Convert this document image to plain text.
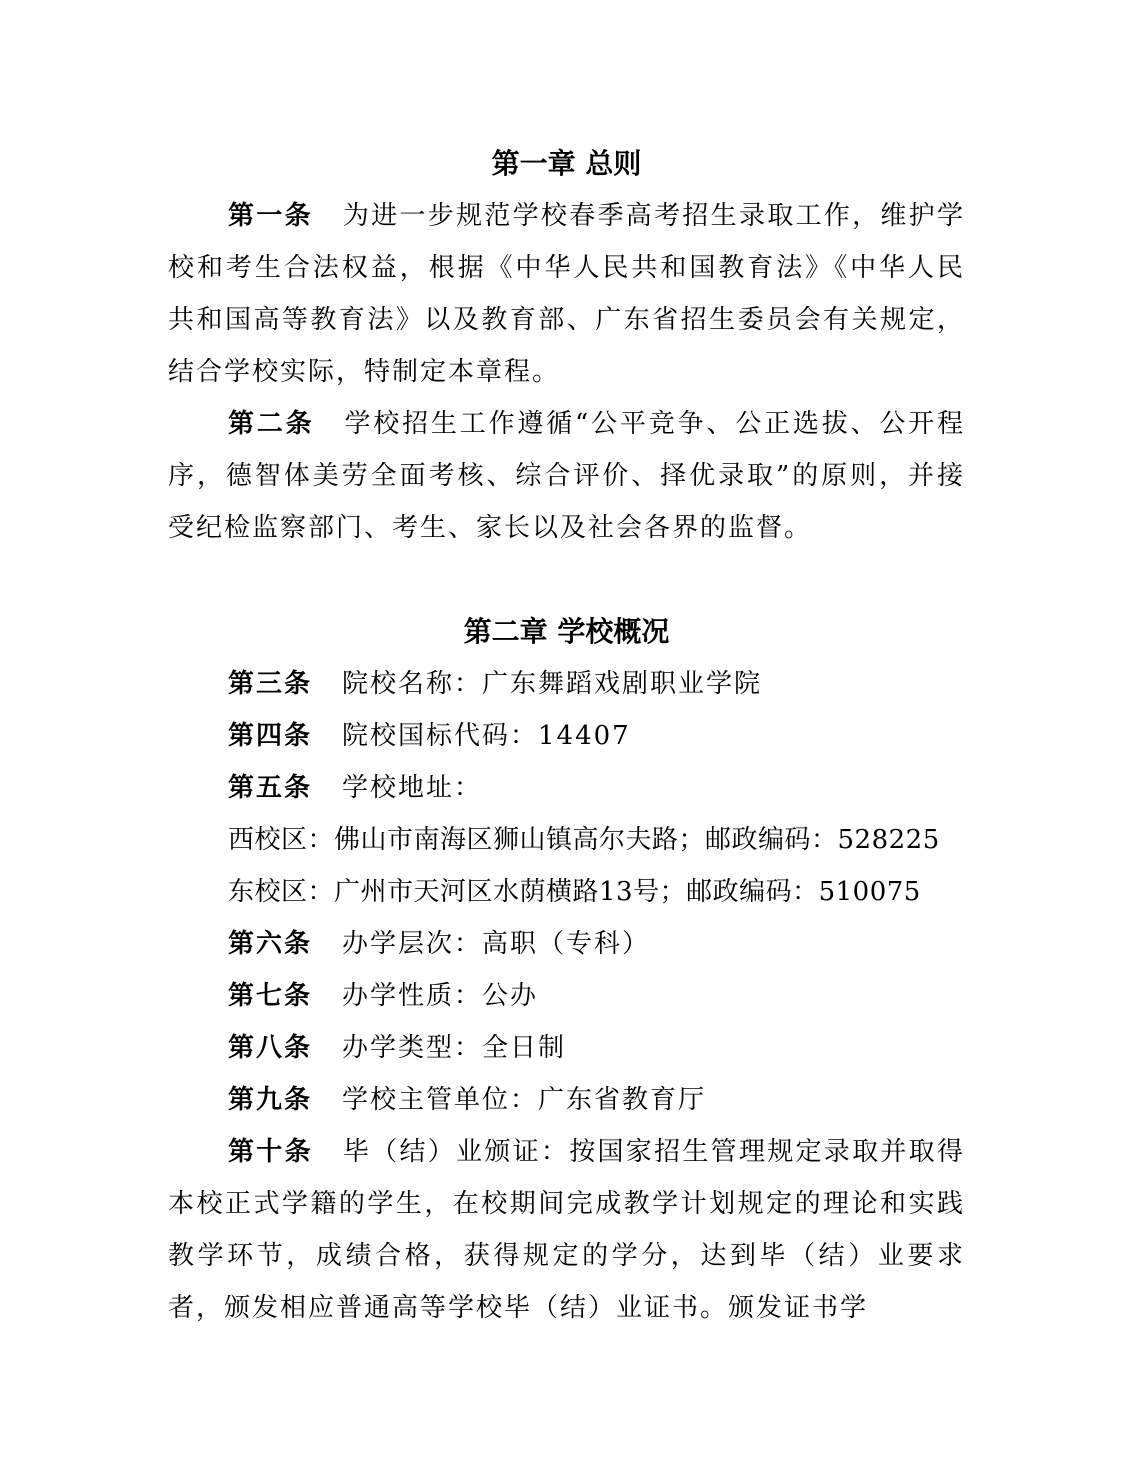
第一章 总则

第一条 为进一步规范学校春季高考招生录取工作，维护学校和考生合法权益，根据《中华人民共和国教育法》《中华人民共和国高等教育法》以及教育部、广东省招生委员会有关规定，结合学校实际，特制定本章程。

第二条 学校招生工作遵循“公平竞争、公正选拔、公开程序，德智体美劳全面考核、综合评价、择优录取”的原则，并接受纪检监察部门、考生、家长以及社会各界的监督。

第二章 学校概况

第三条 院校名称：广东舞蹈戏剧职业学院

第四条 院校国标代码：14407

第五条 学校地址：

西校区：佛山市南海区狮山镇高尔夫路；邮政编码：528225

东校区：广州市天河区水荫横路13号；邮政编码：510075

第六条 办学层次：高职（专科）

第七条 办学性质：公办

第八条 办学类型：全日制

第九条 学校主管单位：广东省教育厅

第十条 毕（结）业颁证：按国家招生管理规定录取并取得本校正式学籍的学生，在校期间完成教学计划规定的理论和实践教学环节，成绩合格，获得规定的学分，达到毕（结）业要求者，颁发相应普通高等学校毕（结）业证书。颁发证书学
